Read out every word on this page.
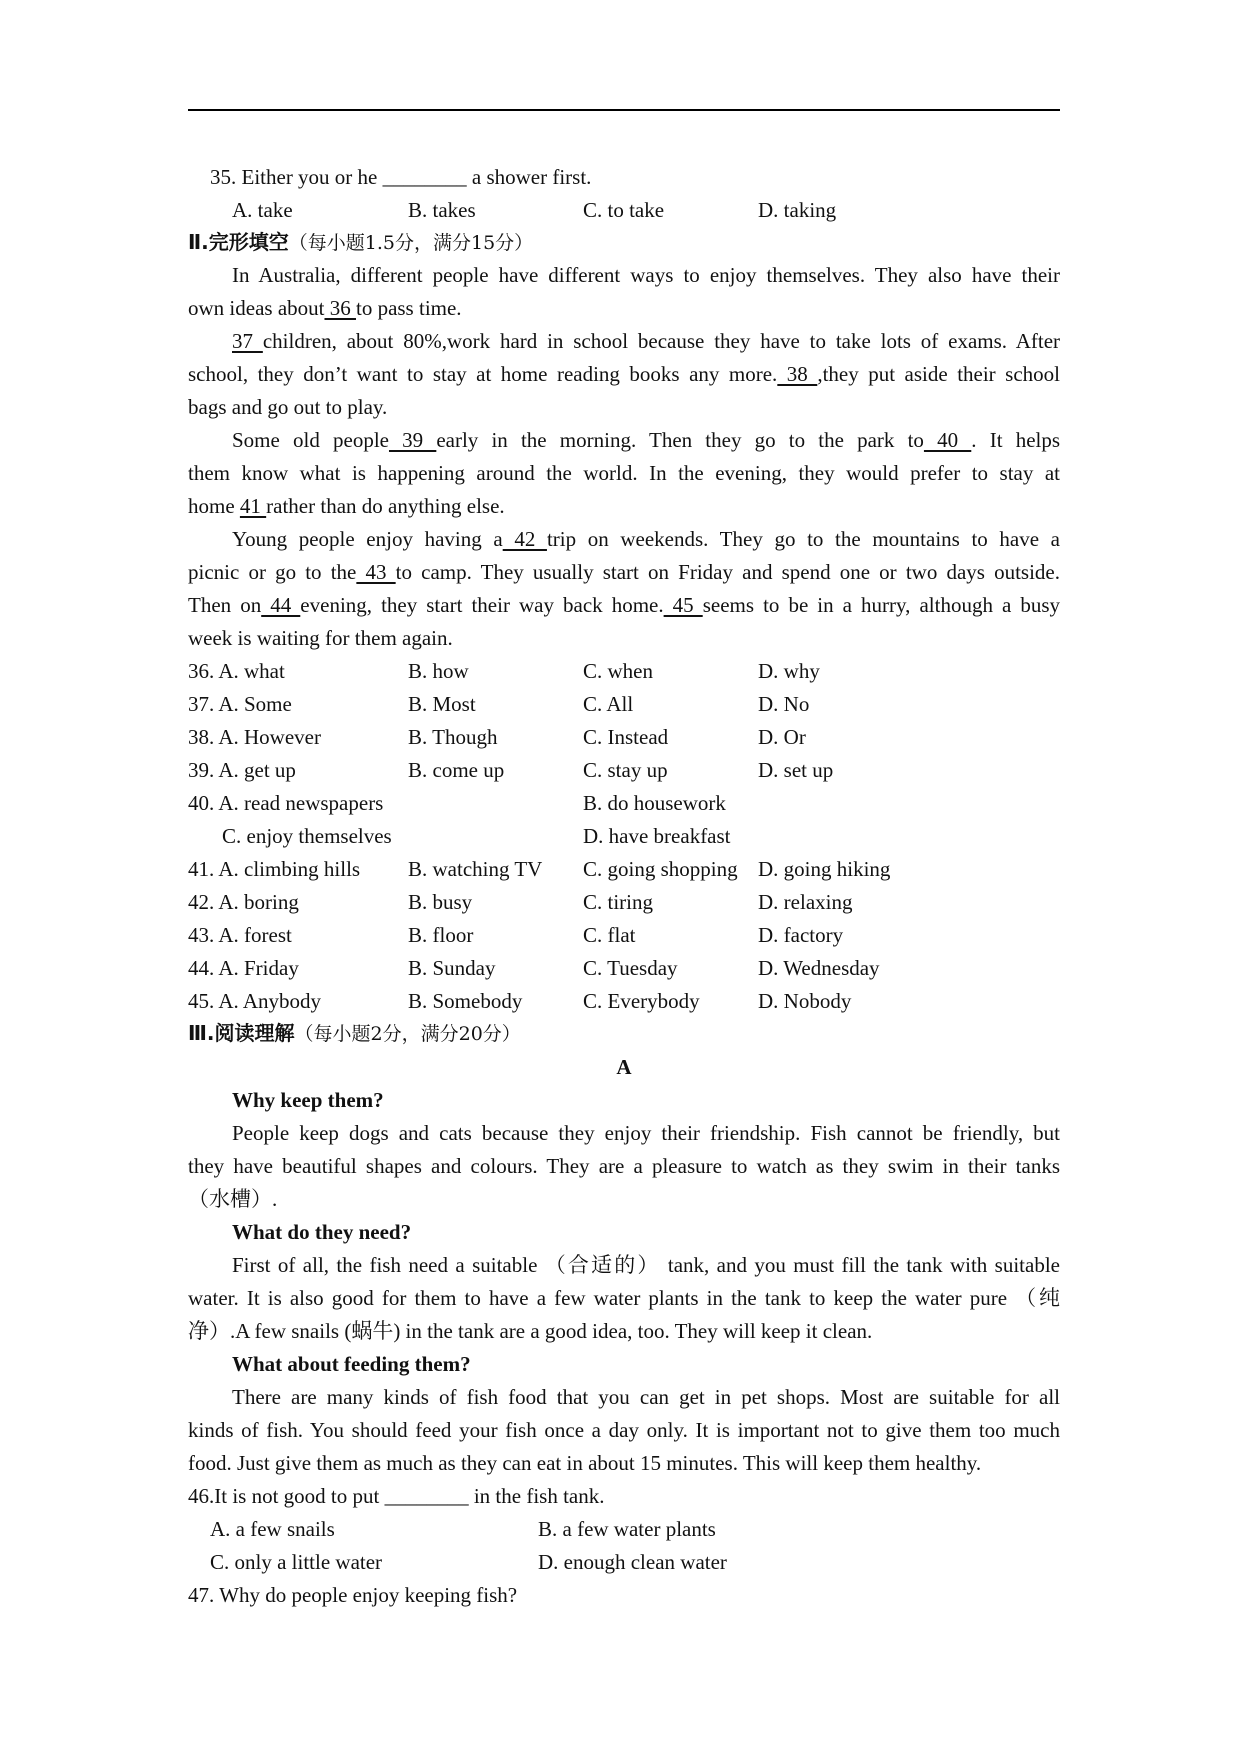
35. Either you or he ________ a shower first.
A. take	B. takes	C. to take	D. taking
Ⅱ.完形填空（每小题1.5分，满分15分）
In Australia, different people have different ways to enjoy themselves. They also have their
own ideas about 36 to pass time.
37 children, about 80%,work hard in school because they have to take lots of exams. After
school, they don’t want to stay at home reading books any more. 38 ,they put aside their school
bags and go out to play.
Some old people 39 early in the morning. Then they go to the park to 40 . It helps
them know what is happening around the world. In the evening, they would prefer to stay at
home 41 rather than do anything else.
Young people enjoy having a 42 trip on weekends. They go to the mountains to have a
picnic or go to the 43 to camp. They usually start on Friday and spend one or two days outside.
Then on 44 evening, they start their way back home. 45 seems to be in a hurry, although a busy
week is waiting for them again.
36. A. what	B. how	C. when	D. why
37. A. Some	B. Most	C. All	D. No
38. A. However	B. Though	C. Instead	D. Or
39. A. get up	B. come up	C. stay up	D. set up
40. A. read newspapers	B. do housework
C. enjoy themselves	D. have breakfast
41. A. climbing hills B. watching TV C. going shopping D. going hiking
42. A. boring	B. busy	C. tiring	D. relaxing
43. A. forest	B. floor	C. flat	D. factory
44. A. Friday	B. Sunday	C. Tuesday	D. Wednesday
45. A. Anybody	B. Somebody	C. Everybody	D. Nobody
Ⅲ.阅读理解（每小题2分，满分20分）
A
Why keep them?
People keep dogs and cats because they enjoy their friendship. Fish cannot be friendly, but
they have beautiful shapes and colours. They are a pleasure to watch as they swim in their tanks
（水槽）.
What do they need?
First of all, the fish need a suitable （合适的） tank, and you must fill the tank with suitable
water. It is also good for them to have a few water plants in the tank to keep the water pure （纯
净）.A few snails (蜗牛) in the tank are a good idea, too. They will keep it clean.
What about feeding them?
There are many kinds of fish food that you can get in pet shops. Most are suitable for all
kinds of fish. You should feed your fish once a day only. It is important not to give them too much
food. Just give them as much as they can eat in about 15 minutes. This will keep them healthy.
46.It is not good to put ________ in the fish tank.
A. a few snails	B. a few water plants
C. only a little water	D. enough clean water
47. Why do people enjoy keeping fish?
